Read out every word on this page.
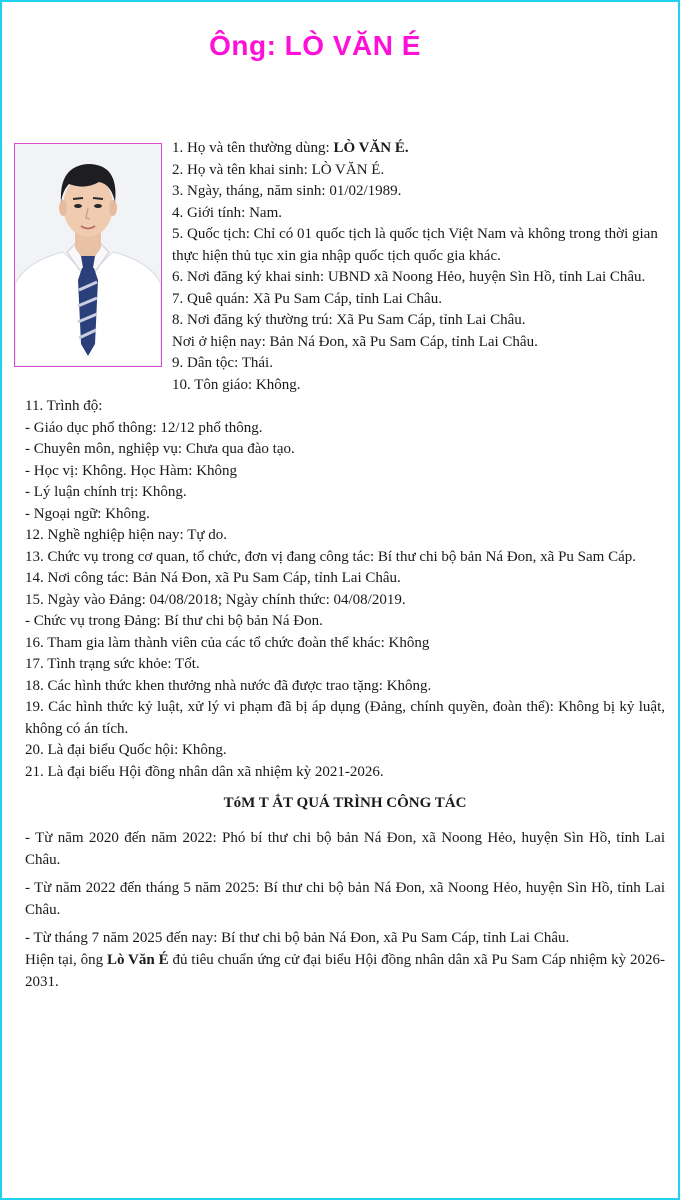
Ông: LÒ VĂN É
1. Họ và tên thường dùng: LÒ VĂN É.
2. Họ và tên khai sinh: LÒ VĂN É.
3. Ngày, tháng, năm sinh: 01/02/1989.
4. Giới tính: Nam.
5. Quốc tịch: Chỉ có 01 quốc tịch là quốc tịch Việt Nam và không trong thời gian thực hiện thủ tục xin gia nhập quốc tịch quốc gia khác.
6. Nơi đăng ký khai sinh: UBND xã Noong Hẻo, huyện Sìn Hồ, tỉnh Lai Châu.
7. Quê quán: Xã Pu Sam Cáp, tỉnh Lai Châu.
8. Nơi đăng ký thường trú: Xã Pu Sam Cáp, tỉnh Lai Châu.
Nơi ở hiện nay: Bản Ná Đon, xã Pu Sam Cáp, tỉnh Lai Châu.
9. Dân tộc: Thái.
10. Tôn giáo: Không.
11. Trình độ:
- Giáo dục phổ thông: 12/12 phổ thông.
- Chuyên môn, nghiệp vụ: Chưa qua đào tạo.
- Học vị: Không. Học Hàm: Không
- Lý luận chính trị: Không.
- Ngoại ngữ: Không.
12. Nghề nghiệp hiện nay: Tự do.
13. Chức vụ trong cơ quan, tổ chức, đơn vị đang công tác: Bí thư chi bộ bản Ná Đon, xã Pu Sam Cáp.
14. Nơi công tác: Bản Ná Đon, xã Pu Sam Cáp, tỉnh Lai Châu.
15. Ngày vào Đảng: 04/08/2018; Ngày chính thức: 04/08/2019.
- Chức vụ trong Đảng: Bí thư chi bộ bản Ná Đon.
16. Tham gia làm thành viên của các tổ chức đoàn thể khác: Không
17. Tình trạng sức khỏe: Tốt.
18. Các hình thức khen thưởng nhà nước đã được trao tặng: Không.
19. Các hình thức kỷ luật, xử lý vi phạm đã bị áp dụng (Đảng, chính quyền, đoàn thể): Không bị kỷ luật, không có án tích.
20. Là đại biểu Quốc hội: Không.
21. Là đại biểu Hội đồng nhân dân xã nhiệm kỳ 2021-2026.
TóM T ẮT QUÁ TRÌNH CÔNG TÁC
- Từ năm 2020 đến năm 2022: Phó bí thư chi bộ bản Ná Đon, xã Noong Hẻo, huyện Sìn Hồ, tỉnh Lai Châu.
- Từ năm 2022 đến tháng 5 năm 2025: Bí thư chi bộ bản Ná Đon, xã Noong Hẻo, huyện Sìn Hồ, tỉnh Lai Châu.
- Từ tháng 7 năm 2025 đến nay: Bí thư chi bộ bản Ná Đon, xã Pu Sam Cáp, tỉnh Lai Châu.
Hiện tại, ông Lò Văn É đủ tiêu chuẩn ứng cử đại biểu Hội đồng nhân dân xã Pu Sam Cáp nhiệm kỳ 2026-2031.
